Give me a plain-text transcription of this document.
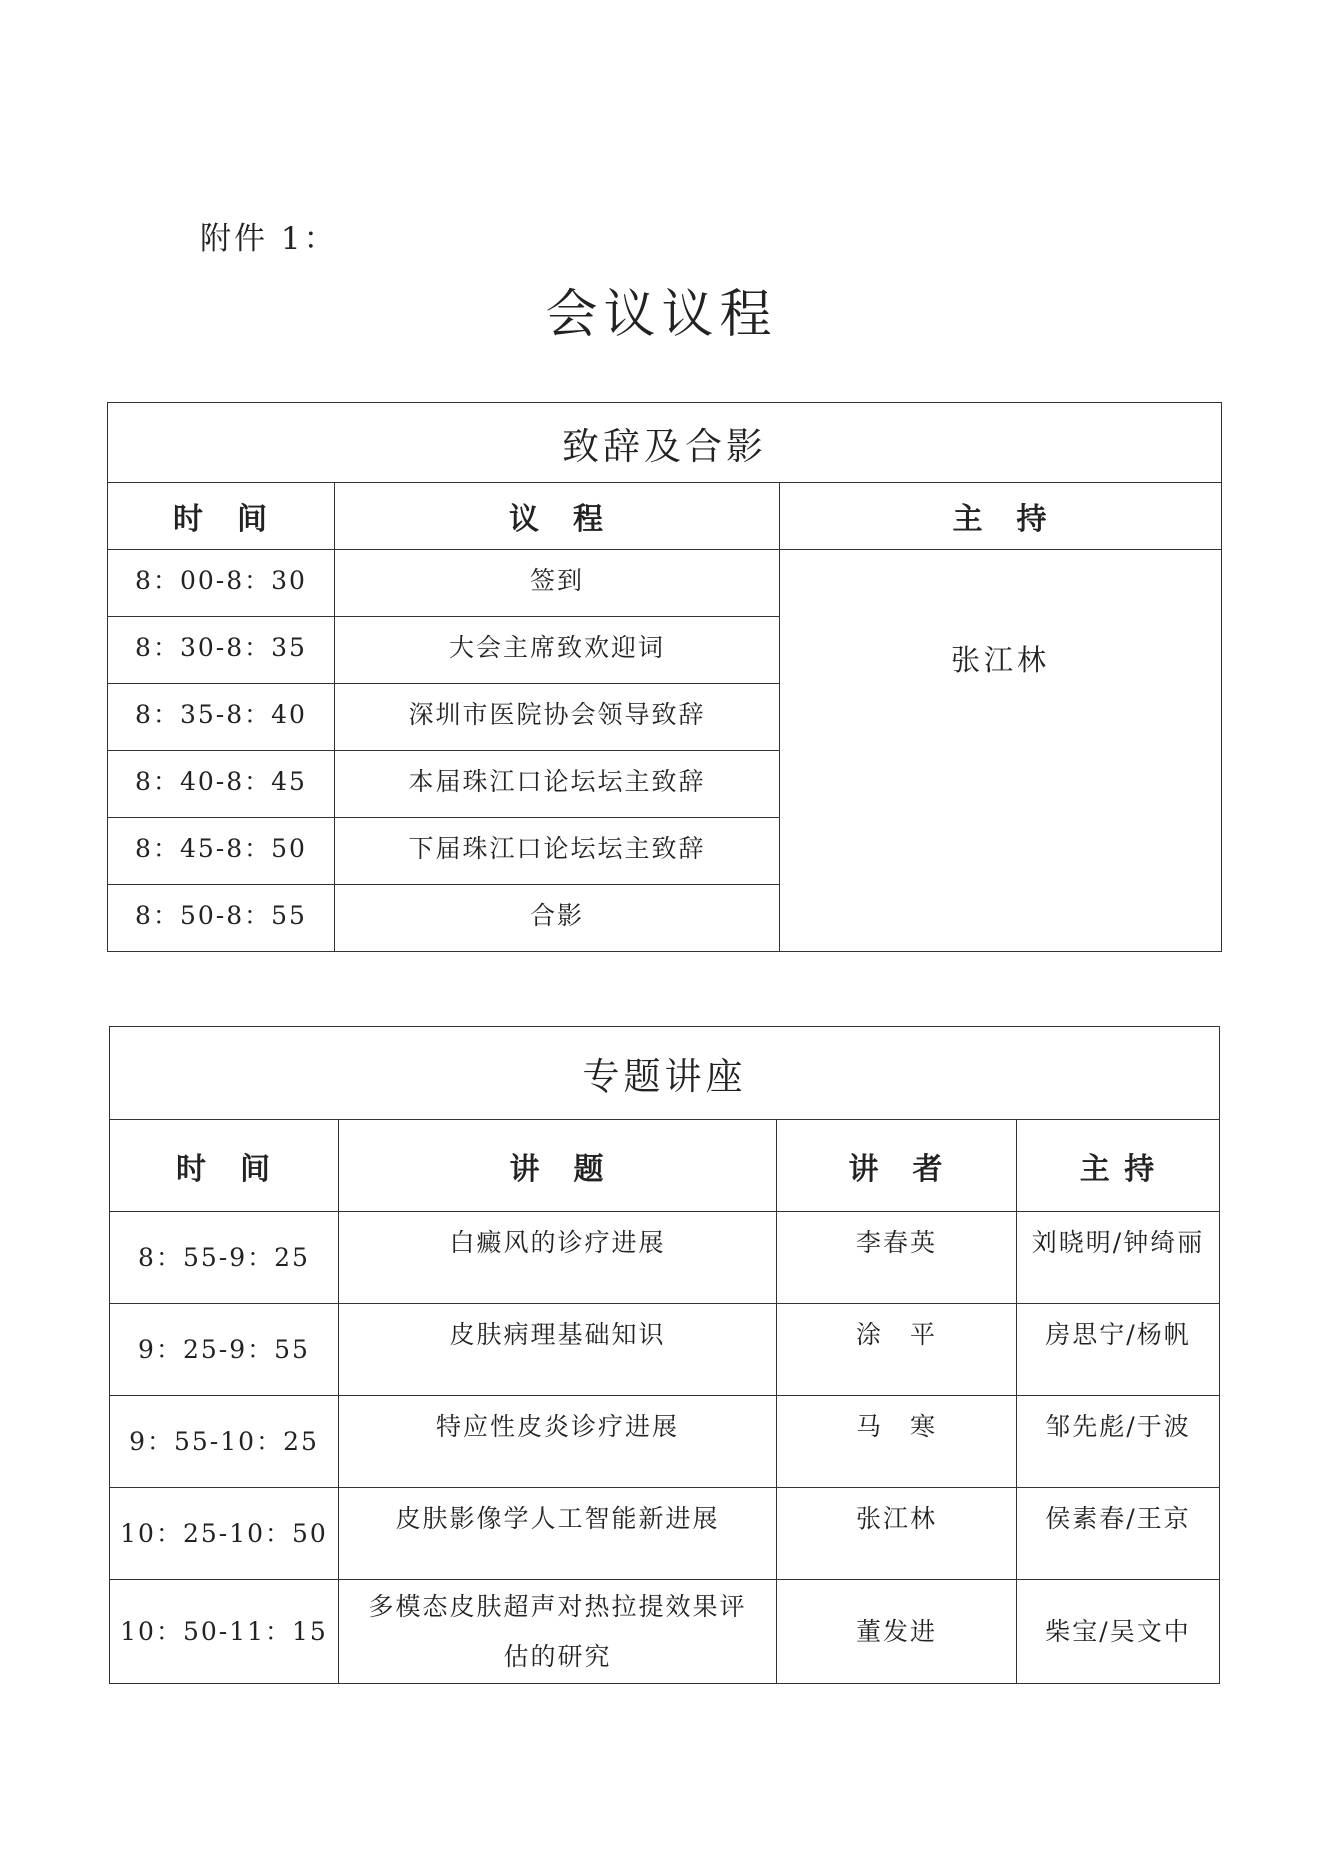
附件 1：
会议议程
致辞及合影		
时　间	议　程	主　持
8：00-8：30	签到	张江林
8：30-8：35	大会主席致欢迎词	
8：35-8：40	深圳市医院协会领导致辞	
8：40-8：45	本届珠江口论坛坛主致辞	
8：45-8：50	下届珠江口论坛坛主致辞	
8：50-8：55	合影	
专题讲座			
时　间	讲　题	讲　者	主 持
8：55-9：25	白癜风的诊疗进展	李春英	刘晓明/钟绮丽
9：25-9：55	皮肤病理基础知识	涂　平	房思宁/杨帆
9：55-10：25	特应性皮炎诊疗进展	马　寒	邹先彪/于波
10：25-10：50	皮肤影像学人工智能新进展	张江林	侯素春/王京
10：50-11：15	多模态皮肤超声对热拉提效果评估的研究	董发进	柴宝/吴文中
